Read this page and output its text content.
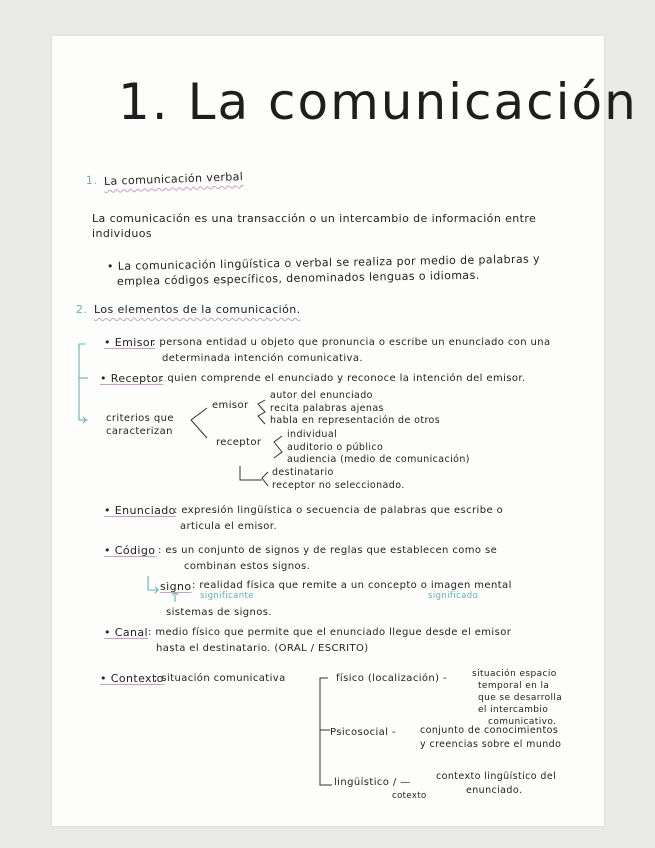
1. La comunicación
1. La comunicación verbal
La comunicación es una transacción o un intercambio de información entre
individuos
• La comunicación lingüística o verbal se realiza por medio de palabras y
emplea códigos específicos, denominados lenguas o idiomas.
2. Los elementos de la comunicación.
• Emisor
: persona entidad u objeto que pronuncia o escribe un enunciado con una
determinada intención comunicativa.
• Receptor
: quien comprende el enunciado y reconoce la intención del emisor.
criterios que
caracterizan
emisor
autor del enunciado
recita palabras ajenas
habla en representación de otros
receptor
individual
auditorio o público
audiencia (medio de comunicación)
destinatario
receptor no seleccionado.
• Enunciado
: expresión lingüística o secuencia de palabras que escribe o
articula el emisor.
• Código : es un conjunto de signos y de reglas que establecen como se
combinan estos signos.
signo : realidad física que remite a un concepto o imagen mental
significante	significado
sistemas de signos.
• Canal : medio físico que permite que el enunciado llegue desde el emisor
hasta el destinatario. (ORAL / ESCRITO)
• Contexto
: situación comunicativa	físico (localización) -	situación espacio
temporal en la
que se desarrolla
el intercambio
comunicativo.
Psicosocial -	conjunto de conocimientos
y creencias sobre el mundo
lingüístico / —
cotexto
contexto lingüístico del
enunciado.
